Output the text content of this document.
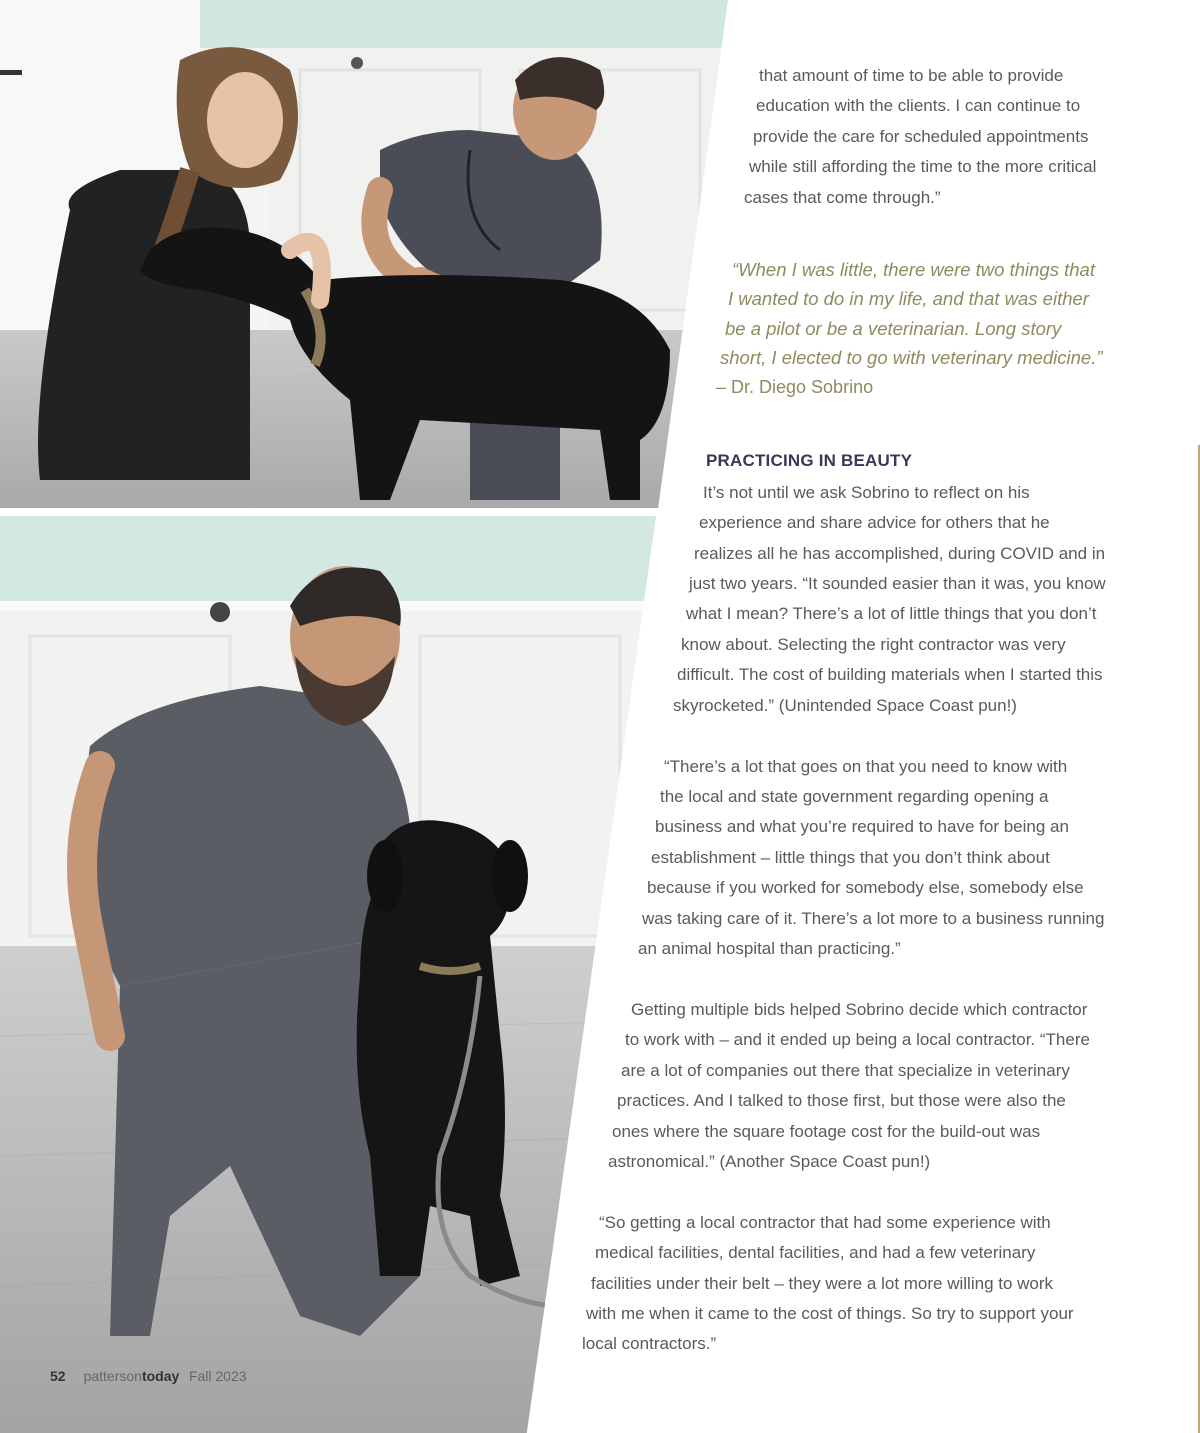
that amount of time to be able to provide
education with the clients. I can continue to
provide the care for scheduled appointments
while still affording the time to the more critical
cases that come through.”
“When I was little, there were two things that
I wanted to do in my life, and that was either
be a pilot or be a veterinarian. Long story
short, I elected to go with veterinary medicine.”
– Dr. Diego Sobrino
PRACTICING IN BEAUTY
It’s not until we ask Sobrino to reflect on his
experience and share advice for others that he
realizes all he has accomplished, during COVID and in
just two years. “It sounded easier than it was, you know
what I mean? There’s a lot of little things that you don’t
know about. Selecting the right contractor was very
difficult. The cost of building materials when I started this
skyrocketed.” (Unintended Space Coast pun!)
“There’s a lot that goes on that you need to know with
the local and state government regarding opening a
business and what you’re required to have for being an
establishment – little things that you don’t think about
because if you worked for somebody else, somebody else
was taking care of it. There’s a lot more to a business running
an animal hospital than practicing.”
Getting multiple bids helped Sobrino decide which contractor
to work with – and it ended up being a local contractor. “There
are a lot of companies out there that specialize in veterinary
practices. And I talked to those first, but those were also the
ones where the square footage cost for the build-out was
astronomical.” (Another Space Coast pun!)
“So getting a local contractor that had some experience with
medical facilities, dental facilities, and had a few veterinary
facilities under their belt – they were a lot more willing to work
with me when it came to the cost of things. So try to support your
local contractors.”
52 pattersontoday | Fall 2023
